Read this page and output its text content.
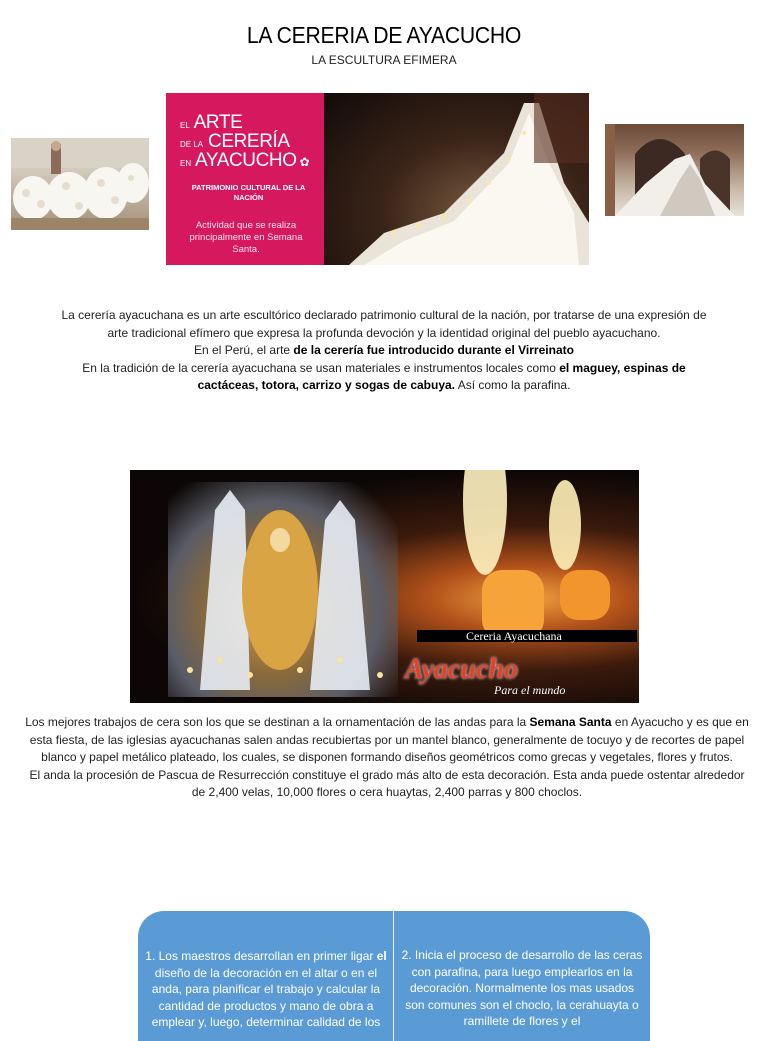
LA CERERIA DE AYACUCHO
LA ESCULTURA EFIMERA
EL ARTE
DE LA CERERÍA
EN AYACUCHO ✿
PATRIMONIO CULTURAL DE LA NACIÓN
Actividad que se realiza principalmente en Semana Santa.
La cerería ayacuchana es un arte escultórico declarado patrimonio cultural de la nación, por tratarse de una expresión de arte tradicional efímero que expresa la profunda devoción y la identidad original del pueblo ayacuchano.
En el Perú, el arte de la cerería fue introducido durante el Virreinato
En la tradición de la cerería ayacuchana se usan materiales e instrumentos locales como el maguey, espinas de cactáceas, totora, carrizo y sogas de cabuya. Así como la parafina.
Cereria Ayacuchana
Ayacucho
Para el mundo
Los mejores trabajos de cera son los que se destinan a la ornamentación de las andas para la Semana Santa en Ayacucho y es que en esta fiesta, de las iglesias ayacuchanas salen andas recubiertas por un mantel blanco, generalmente de tocuyo y de recortes de papel blanco y papel metálico plateado, los cuales, se disponen formando diseños geométricos como grecas y vegetales, flores y frutos.
El anda la procesión de Pascua de Resurrección constituye el grado más alto de esta decoración. Esta anda puede ostentar alrededor de 2,400 velas, 10,000 flores o cera huaytas, 2,400 parras y 800 choclos.
1. Los maestros desarrollan en primer ligar el diseño de la decoración en el altar o en el anda, para planificar el trabajo y calcular la cantidad de productos y mano de obra a emplear y, luego, determinar calidad de los
2. Inicia el proceso de desarrollo de las ceras con parafina, para luego emplearlos en la decoración. Normalmente los mas usados son comunes son el choclo, la cerahuayta o ramillete de flores y el
